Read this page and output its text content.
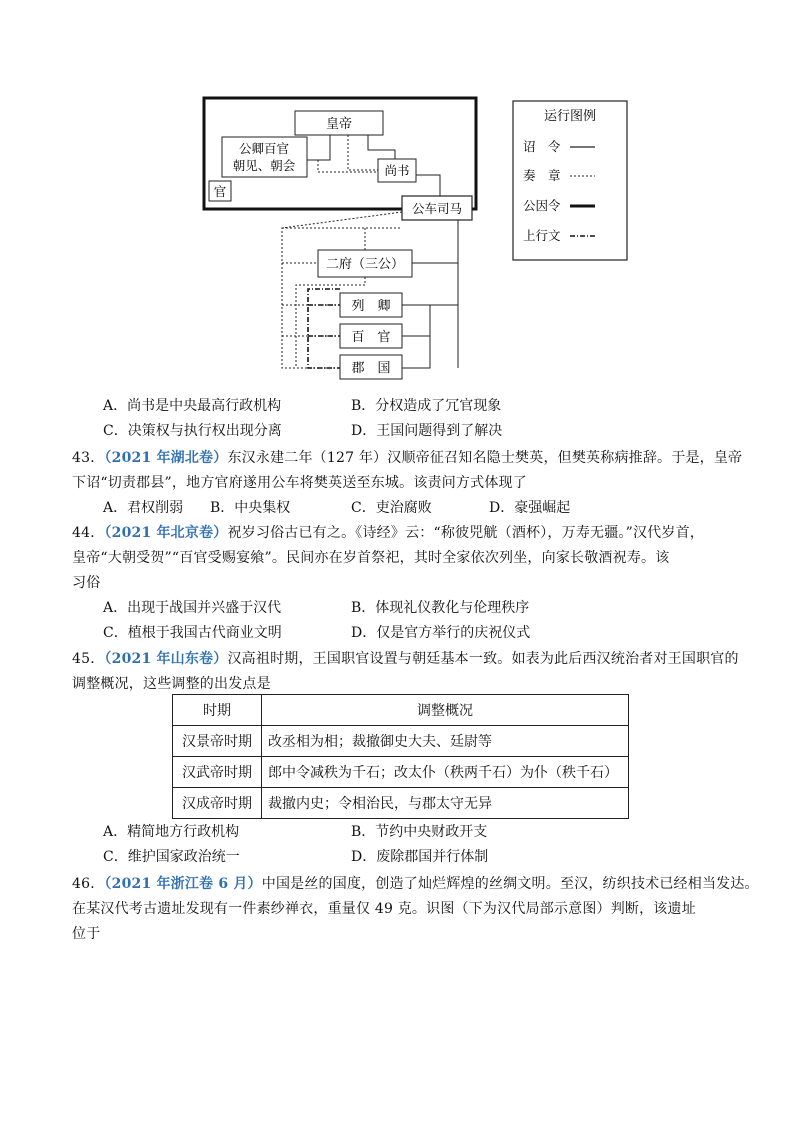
皇帝
公卿百官
朝见、朝会	尚书
官
公车司马
二府（三公）
列　卿
百　官
郡　国
运行图例
诏　令
奏　章
公因令
上行文
A．尚书是中央最高行政机构	B．分权造成了冗官现象
C．决策权与执行权出现分离	D．王国问题得到了解决
43．（2021 年湖北卷）东汉永建二年（127 年）汉顺帝征召知名隐士樊英，但樊英称病推辞。于是，皇帝
下诏“切责郡县”，地方官府遂用公车将樊英送至东城。该责问方式体现了
A．君权削弱 B．中央集权	C．吏治腐败	D．豪强崛起
44．（2021 年北京卷）祝岁习俗古已有之。《诗经》云：“称彼兕觥（酒杯），万寿无疆。”汉代岁首，
皇帝“大朝受贺”“百官受赐宴飨”。民间亦在岁首祭祀，其时全家依次列坐，向家长敬酒祝寿。该
习俗
A．出现于战国并兴盛于汉代	B．体现礼仪教化与伦理秩序
C．植根于我国古代商业文明	D．仅是官方举行的庆祝仪式
45．（2021 年山东卷）汉高祖时期，王国职官设置与朝廷基本一致。如表为此后西汉统治者对王国职官的
调整概况，这些调整的出发点是
时期	调整概况
汉景帝时期	改丞相为相；裁撤御史大夫、廷尉等
汉武帝时期	郎中令减秩为千石；改太仆（秩两千石）为仆（秩千石）
汉成帝时期	裁撤内史；令相治民，与郡太守无异
A．精简地方行政机构	B．节约中央财政开支
C．维护国家政治统一	D．废除郡国并行体制
46．（2021 年浙江卷 6 月）中国是丝的国度，创造了灿烂辉煌的丝绸文明。至汉，纺织技术已经相当发达。
在某汉代考古遗址发现有一件素纱禅衣，重量仅 49 克。识图（下为汉代局部示意图）判断，该遗址
位于
